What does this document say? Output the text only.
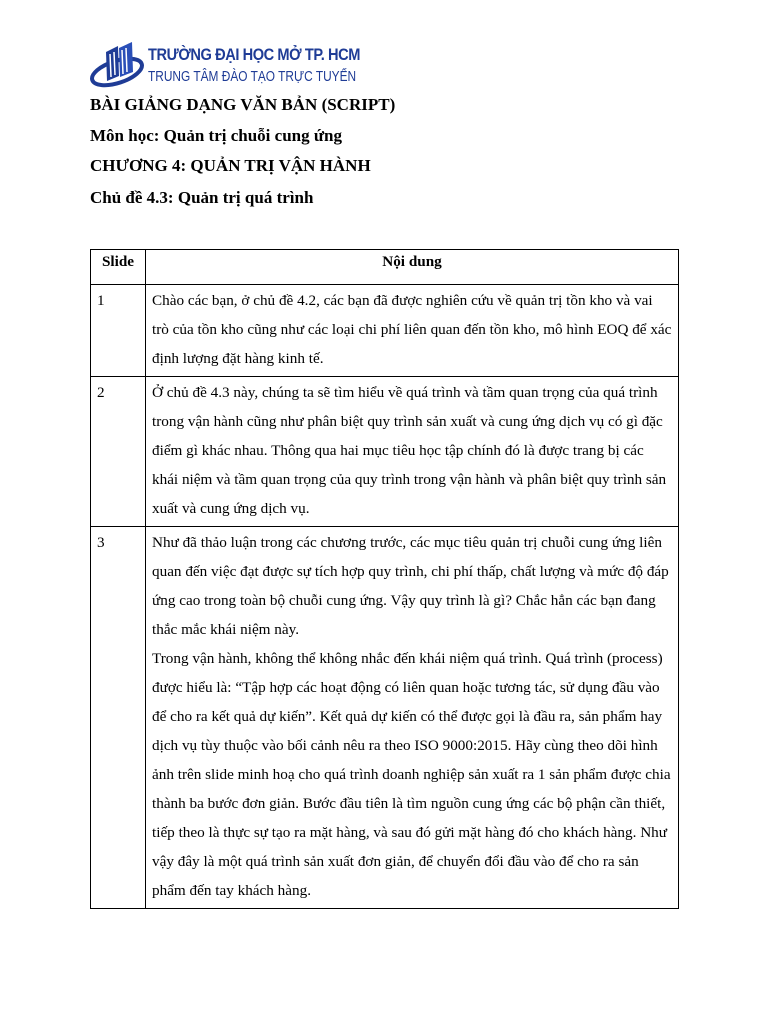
TRƯỜNG ĐẠI HỌC MỞ TP. HCM
TRUNG TÂM ĐÀO TẠO TRỰC TUYẾN
BÀI GIẢNG DẠNG VĂN BẢN (SCRIPT)
Môn học: Quản trị chuỗi cung ứng
CHƯƠNG 4: QUẢN TRỊ VẬN HÀNH
Chủ đề 4.3: Quản trị quá trình
Slide	Nội dung
1	Chào các bạn, ở chủ đề 4.2, các bạn đã được nghiên cứu về quản trị tồn kho và vai trò của tồn kho cũng như các loại chi phí liên quan đến tồn kho, mô hình EOQ để xác định lượng đặt hàng kinh tế.

2	Ở chủ đề 4.3 này, chúng ta sẽ tìm hiểu về quá trình và tầm quan trọng của quá trình trong vận hành cũng như phân biệt quy trình sản xuất và cung ứng dịch vụ có gì đặc điểm gì khác nhau. Thông qua hai mục tiêu học tập chính đó là được trang bị các khái niệm và tầm quan trọng của quy trình trong vận hành và phân biệt quy trình sản xuất và cung ứng dịch vụ.

3	Như đã thảo luận trong các chương trước, các mục tiêu quản trị chuỗi cung ứng liên quan đến việc đạt được sự tích hợp quy trình, chi phí thấp, chất lượng và mức độ đáp ứng cao trong toàn bộ chuỗi cung ứng. Vậy quy trình là gì? Chắc hẳn các bạn đang thắc mắc khái niệm này.

Trong vận hành, không thể không nhắc đến khái niệm quá trình. Quá trình (process) được hiểu là: “Tập hợp các hoạt động có liên quan hoặc tương tác, sử dụng đầu vào để cho ra kết quả dự kiến”. Kết quả dự kiến có thể được gọi là đầu ra, sản phẩm hay dịch vụ tùy thuộc vào bối cảnh nêu ra theo ISO 9000:2015. Hãy cùng theo dõi hình ảnh trên slide minh hoạ cho quá trình doanh nghiệp sản xuất ra 1 sản phẩm được chia thành ba bước đơn giản. Bước đầu tiên là tìm nguồn cung ứng các bộ phận cần thiết, tiếp theo là thực sự tạo ra mặt hàng, và sau đó gửi mặt hàng đó cho khách hàng. Như vậy đây là một quá trình sản xuất đơn giản, để chuyển đổi đầu vào để cho ra sản phẩm đến tay khách hàng.
